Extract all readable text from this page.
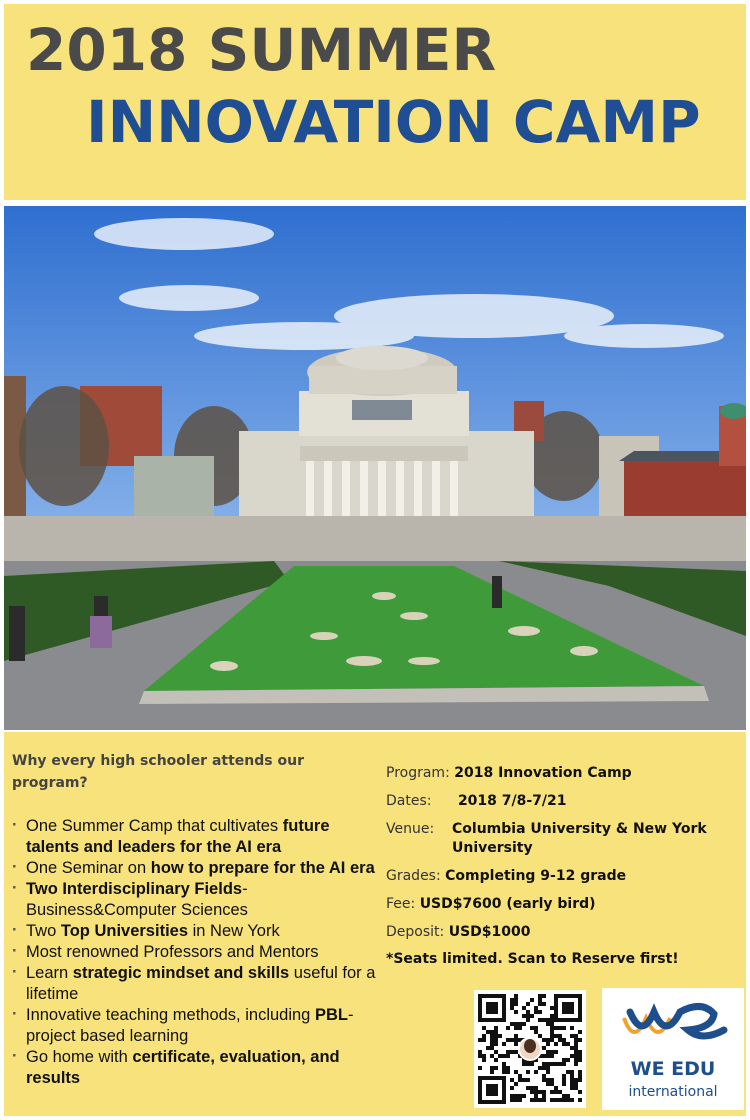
2018 SUMMER
INNOVATION CAMP
Why every high schooler attends our program?
· One Summer Camp that cultivates future talents and leaders for the AI era
· One Seminar on how to prepare for the AI era
· Two Interdisciplinary Fields- Business&Computer Sciences
· Two Top Universities in New York
· Most renowned Professors and Mentors
· Learn strategic mindset and skills useful for a lifetime
· Innovative teaching methods, including PBL-project based learning
· Go home with certificate, evaluation, and results
Program: 2018 Innovation Camp
Dates: 2018 7/8-7/21
Venue: Columbia University & New York University
Grades: Completing 9-12 grade
Fee: USD$7600 (early bird)
Deposit: USD$1000
*Seats limited. Scan to Reserve first!
WE EDU
international
